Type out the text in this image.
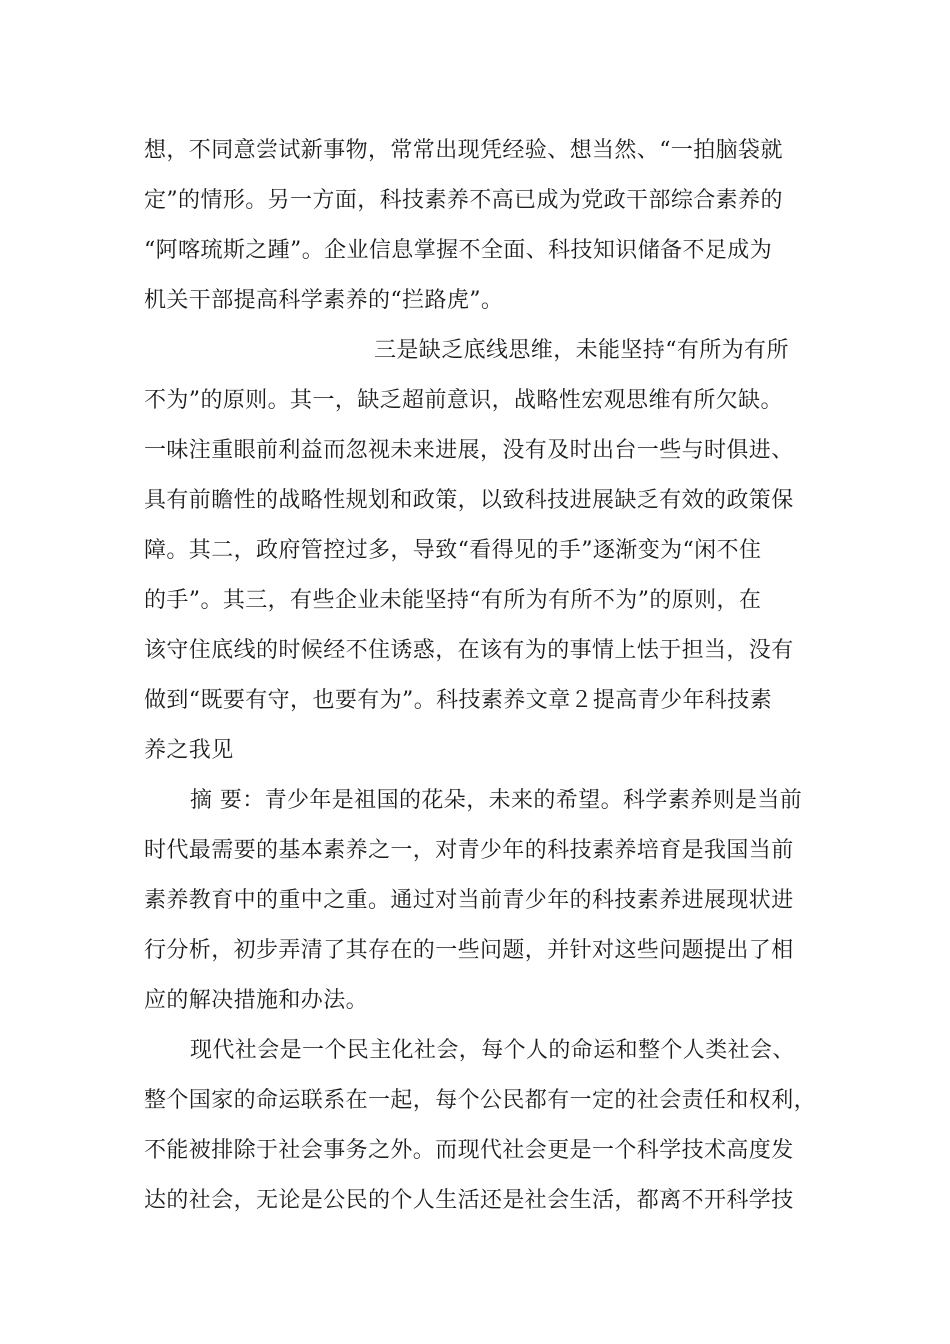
想，不同意尝试新事物，常常出现凭经验、想当然、“一拍脑袋就
定”的情形。另一方面，科技素养不高已成为党政干部综合素养的
“阿喀琉斯之踵”。企业信息掌握不全面、科技知识储备不足成为
机关干部提高科学素养的“拦路虎”。
三是缺乏底线思维，未能坚持“有所为有所
不为”的原则。其一，缺乏超前意识，战略性宏观思维有所欠缺。
一味注重眼前利益而忽视未来进展，没有及时出台一些与时俱进、
具有前瞻性的战略性规划和政策，以致科技进展缺乏有效的政策保
障。其二，政府管控过多，导致“看得见的手”逐渐变为“闲不住
的手”。其三，有些企业未能坚持“有所为有所不为”的原则，在
该守住底线的时候经不住诱惑，在该有为的事情上怯于担当，没有
做到“既要有守，也要有为”。科技素养文章２提高青少年科技素
养之我见
摘 要：青少年是祖国的花朵，未来的希望。科学素养则是当前
时代最需要的基本素养之一，对青少年的科技素养培育是我国当前
素养教育中的重中之重。通过对当前青少年的科技素养进展现状进
行分析，初步弄清了其存在的一些问题，并针对这些问题提出了相
应的解决措施和办法。
现代社会是一个民主化社会，每个人的命运和整个人类社会、
整个国家的命运联系在一起，每个公民都有一定的社会责任和权利，
不能被排除于社会事务之外。而现代社会更是一个科学技术高度发
达的社会，无论是公民的个人生活还是社会生活，都离不开科学技
